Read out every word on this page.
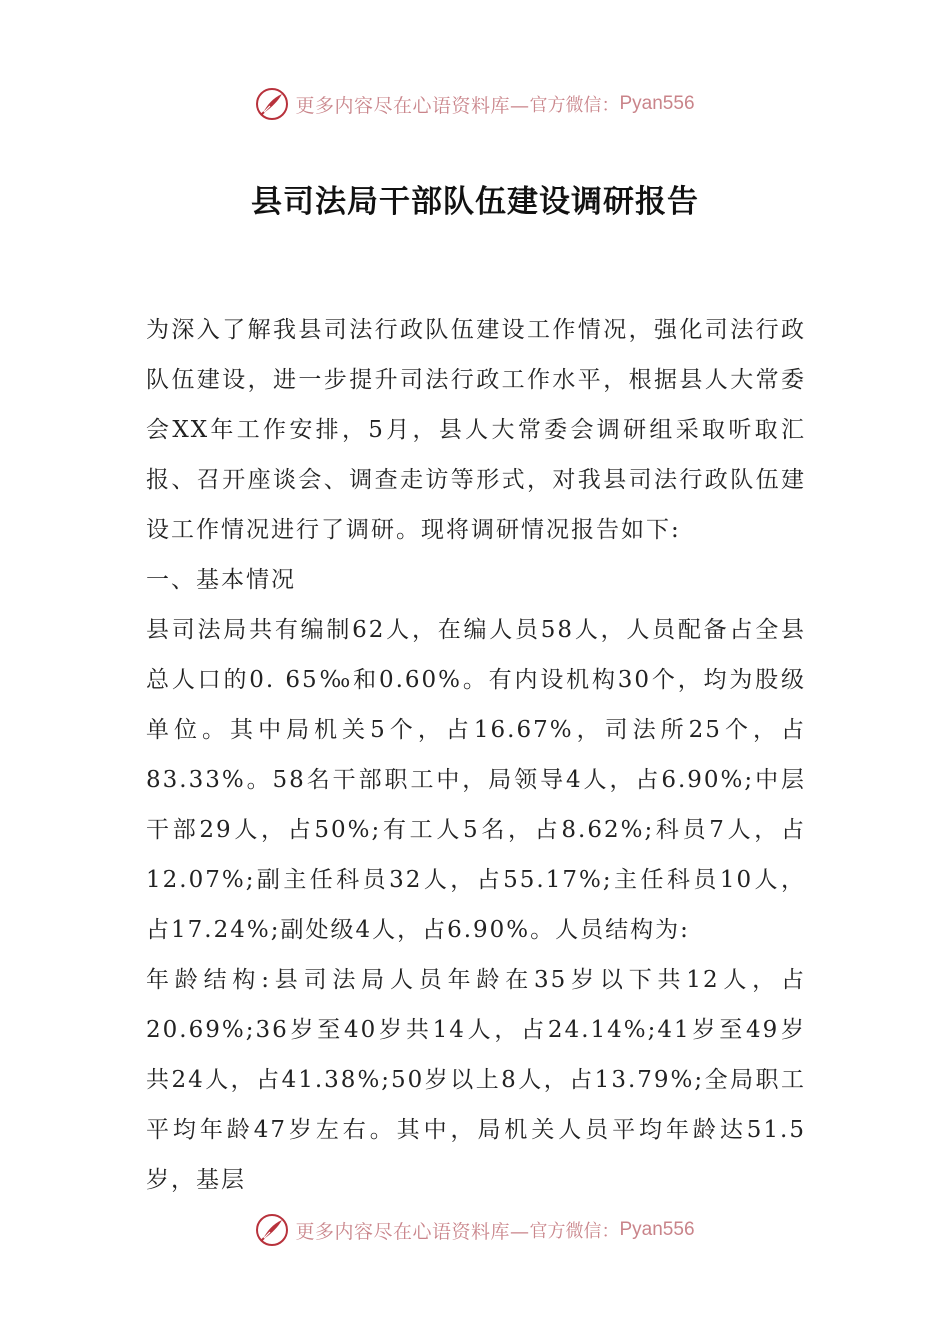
更多内容尽在心语资料库— 官方微信： Pyan556
县司法局干部队伍建设调研报告

为深入了解我县司法行政队伍建设工作情况，强化司法行政队伍建设，进一步提升司法行政工作水平，根据县人大常委会XX年工作安排，5月，县人大常委会调研组采取听取汇报、召开座谈会、调查走访等形式，对我县司法行政队伍建设工作情况进行了调研。现将调研情况报告如下:

一、基本情况

县司法局共有编制62人，在编人员58人，人员配备占全县总人口的0. 65‰和0.60%。有内设机构30个，均为股级单位。其中局机关5个，占16.67%，司法所25个，占83.33%。58名干部职工中，局领导4人，占6.90%;中层干部29人，占50%;有工人5名，占8.62%;科员7人，占12.07%;副主任科员32人，占55.17%;主任科员10人，占17.24%;副处级4人，占6.90%。人员结构为:

年龄结构:县司法局人员年龄在35岁以下共12人，占20.69%;36岁至40岁共14人，占24.14%;41岁至49岁共24人，占41.38%;50岁以上8人，占13.79%;全局职工平均年龄47岁左右。其中，局机关人员平均年龄达51.5岁，基层

更多内容尽在心语资料库— 官方微信： Pyan556
